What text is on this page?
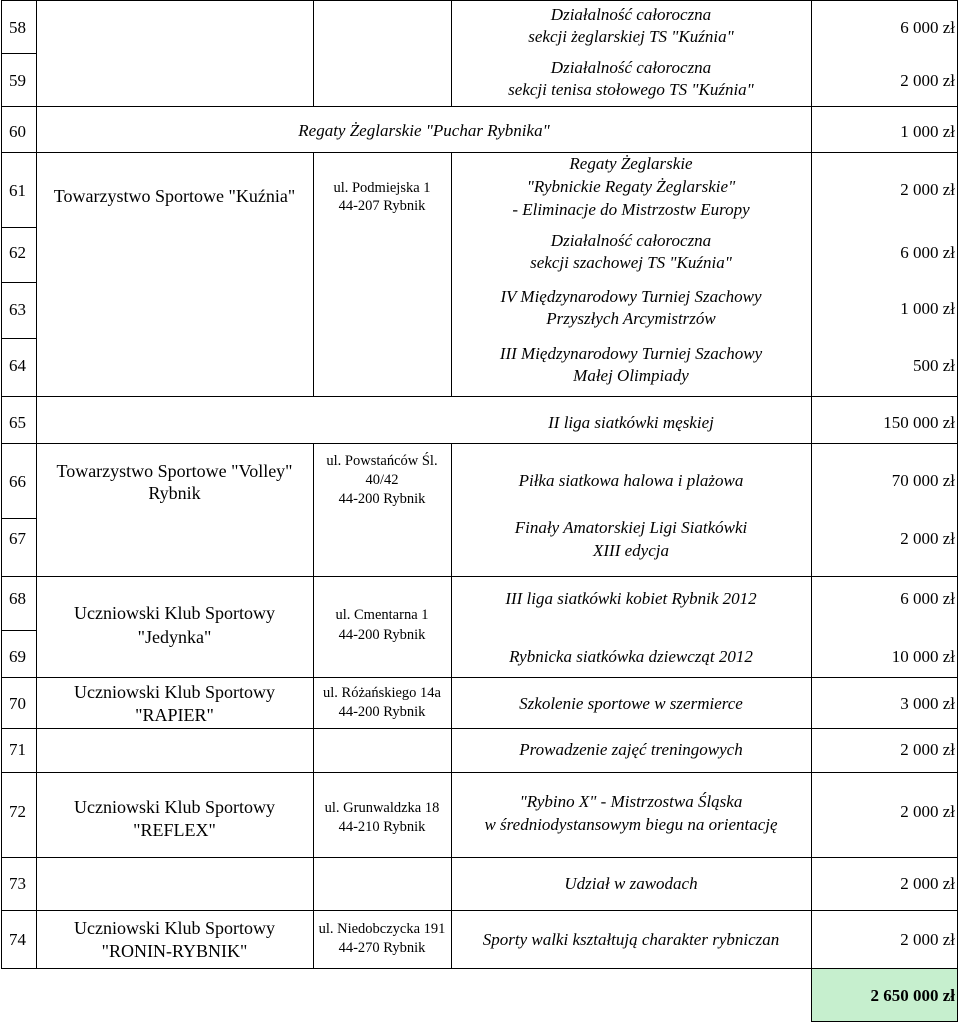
58
59
60
61
62
63
64
65
66
67
68
69
70
71
72
73
74
Towarzystwo Sportowe "Kuźnia"	ul. Podmiejska 1
44-207 Rybnik
Towarzystwo Sportowe "Volley"
Rybnik
ul. Powstańców Śl.
40/42
44-200 Rybnik
Uczniowski Klub Sportowy
"Jedynka"
ul. Cmentarna 1
44-200 Rybnik
Uczniowski Klub Sportowy
"RAPIER"
ul. Różańskiego 14a
44-200 Rybnik
Uczniowski Klub Sportowy
"REFLEX"
ul. Grunwaldzka 18
44-210 Rybnik
Uczniowski Klub Sportowy
"RONIN-RYBNIK"
ul. Niedobczycka 191
44-270 Rybnik
Działalność całoroczna
sekcji żeglarskiej TS "Kuźnia"
Działalność całoroczna
sekcji tenisa stołowego TS "Kuźnia"
Regaty Żeglarskie "Puchar Rybnika"
Regaty Żeglarskie
"Rybnickie Regaty Żeglarskie"
- Eliminacje do Mistrzostw Europy
Działalność całoroczna
sekcji szachowej TS "Kuźnia"
IV Międzynarodowy Turniej Szachowy
Przyszłych Arcymistrzów
III Międzynarodowy Turniej Szachowy
Małej Olimpiady
II liga siatkówki męskiej
Piłka siatkowa halowa i plażowa
Finały Amatorskiej Ligi Siatkówki
XIII edycja
III liga siatkówki kobiet Rybnik 2012
Rybnicka siatkówka dziewcząt 2012
Szkolenie sportowe w szermierce
Prowadzenie zajęć treningowych
"Rybino X" - Mistrzostwa Śląska
w średniodystansowym biegu na orientację
Udział w zawodach
Sporty walki kształtują charakter rybniczan
6 000 zł
2 000 zł
1 000 zł
2 000 zł
6 000 zł
1 000 zł
500 zł
150 000 zł
70 000 zł
2 000 zł
6 000 zł
10 000 zł
3 000 zł
2 000 zł
2 000 zł
2 000 zł
2 000 zł
2 650 000 zł
